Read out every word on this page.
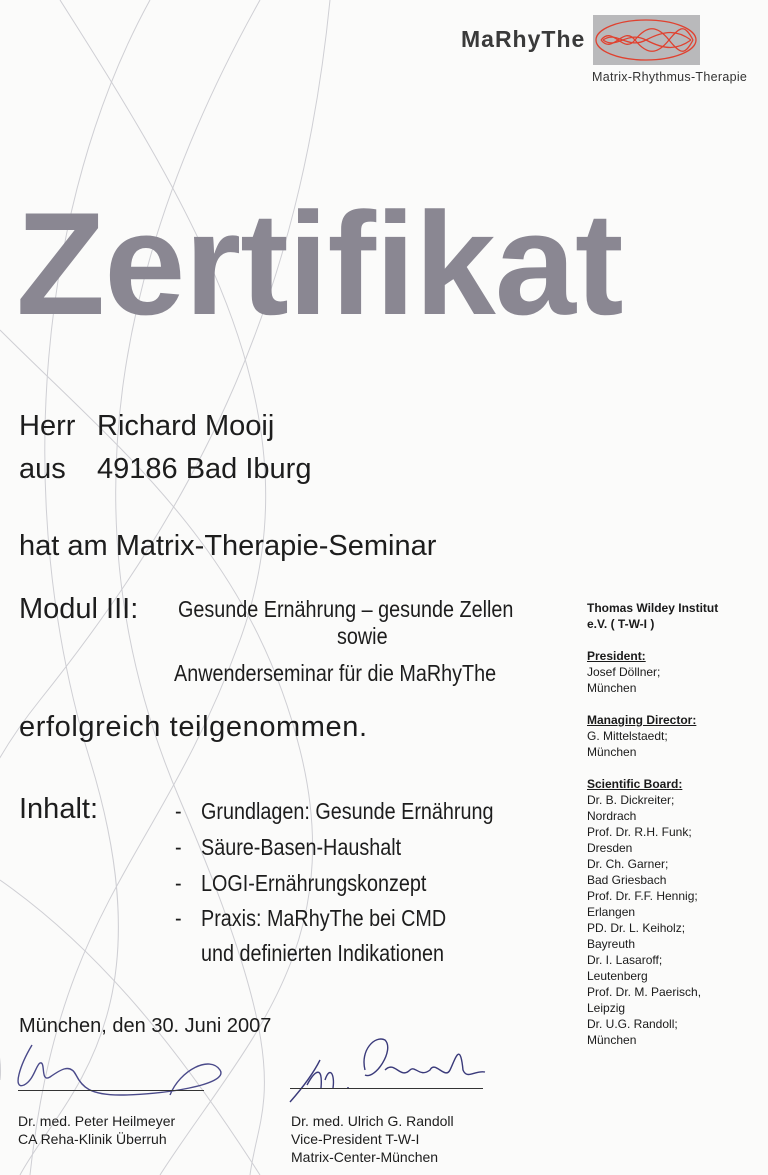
MaRhyThe
Matrix-Rhythmus-Therapie
Zertifikat
Herr Richard Mooij
aus 49186 Bad Iburg
hat am Matrix-Therapie-Seminar
Modul III: Gesunde Ernährung – gesunde Zellen
sowie
Anwenderseminar für die MaRhyThe
erfolgreich teilgenommen.
Inhalt:	- Grundlagen: Gesunde Ernährung
- Säure-Basen-Haushalt
- LOGI-Ernährungskonzept
- Praxis: MaRhyThe bei CMD
und definierten Indikationen
München, den 30. Juni 2007
Dr. med. Peter Heilmeyer
CA Reha-Klinik Überruh
Dr. med. Ulrich G. Randoll
Vice-President T-W-I
Matrix-Center-München
Thomas Wildey Institut
e.V. ( T-W-I )
President:
Josef Döllner;
München
Managing Director:
G. Mittelstaedt;
München
Scientific Board:
Dr. B. Dickreiter;
Nordrach
Prof. Dr. R.H. Funk;
Dresden
Dr. Ch. Garner;
Bad Griesbach
Prof. Dr. F.F. Hennig;
Erlangen
PD. Dr. L. Keiholz;
Bayreuth
Dr. I. Lasaroff;
Leutenberg
Prof. Dr. M. Paerisch,
Leipzig
Dr. U.G. Randoll;
München
